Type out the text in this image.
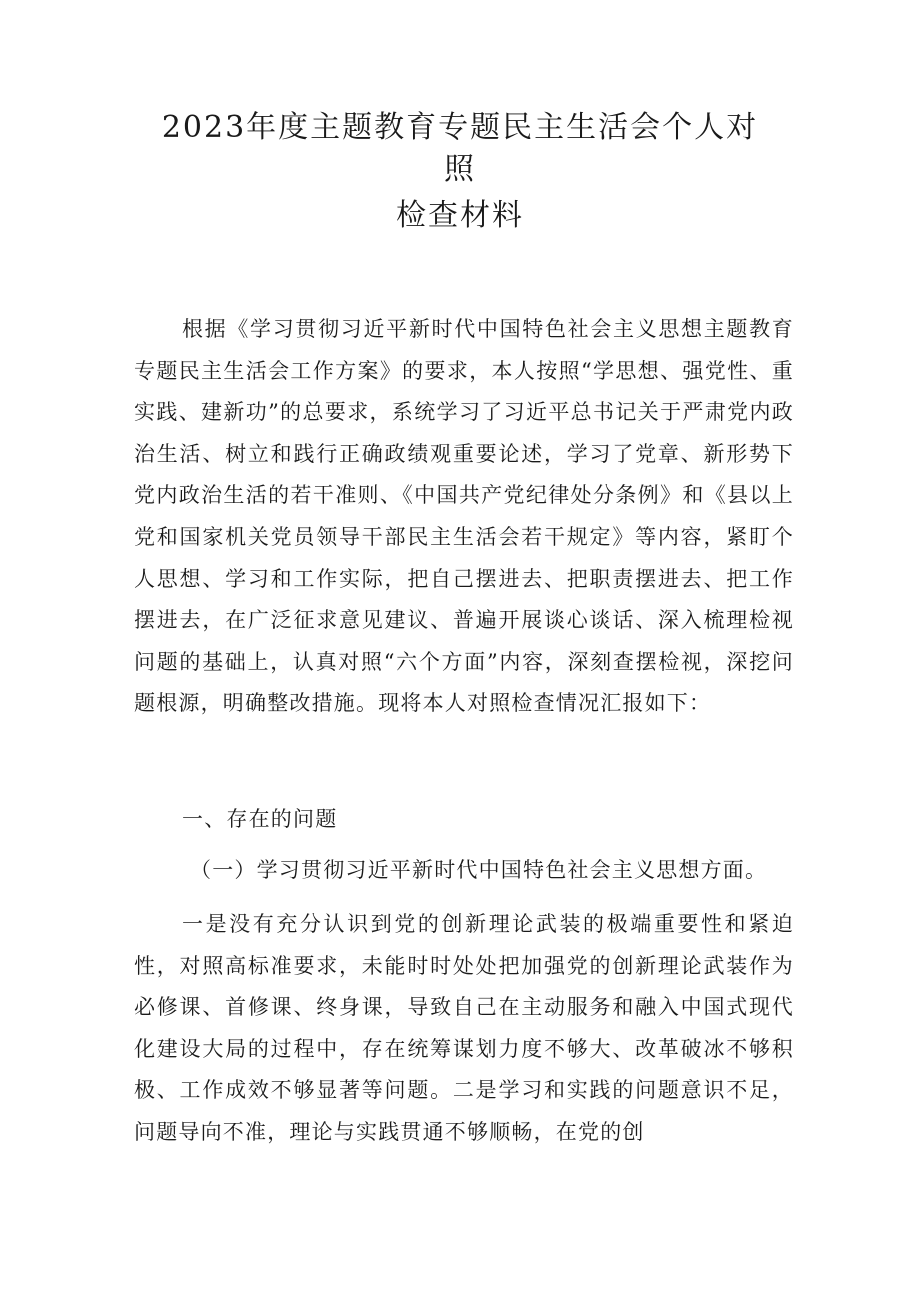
2023年度主题教育专题民主生活会个人对
照
检查材料

根据《学习贯彻习近平新时代中国特色社会主义思想主题教育专题民主生活会工作方案》的要求，本人按照“学思想、强党性、重实践、建新功”的总要求，系统学习了习近平总书记关于严肃党内政治生活、树立和践行正确政绩观重要论述，学习了党章、新形势下党内政治生活的若干准则、《中国共产党纪律处分条例》和《县以上党和国家机关党员领导干部民主生活会若干规定》等内容，紧盯个人思想、学习和工作实际，把自己摆进去、把职责摆进去、把工作摆进去，在广泛征求意见建议、普遍开展谈心谈话、深入梳理检视问题的基础上，认真对照“六个方面”内容，深刻查摆检视，深挖问题根源，明确整改措施。现将本人对照检查情况汇报如下：

一、存在的问题

（一）学习贯彻习近平新时代中国特色社会主义思想方面。

一是没有充分认识到党的创新理论武装的极端重要性和紧迫性，对照高标准要求，未能时时处处把加强党的创新理论武装作为必修课、首修课、终身课，导致自己在主动服务和融入中国式现代化建设大局的过程中，存在统筹谋划力度不够大、改革破冰不够积极、工作成效不够显著等问题。二是学习和实践的问题意识不足，问题导向不准，理论与实践贯通不够顺畅，在党的创
